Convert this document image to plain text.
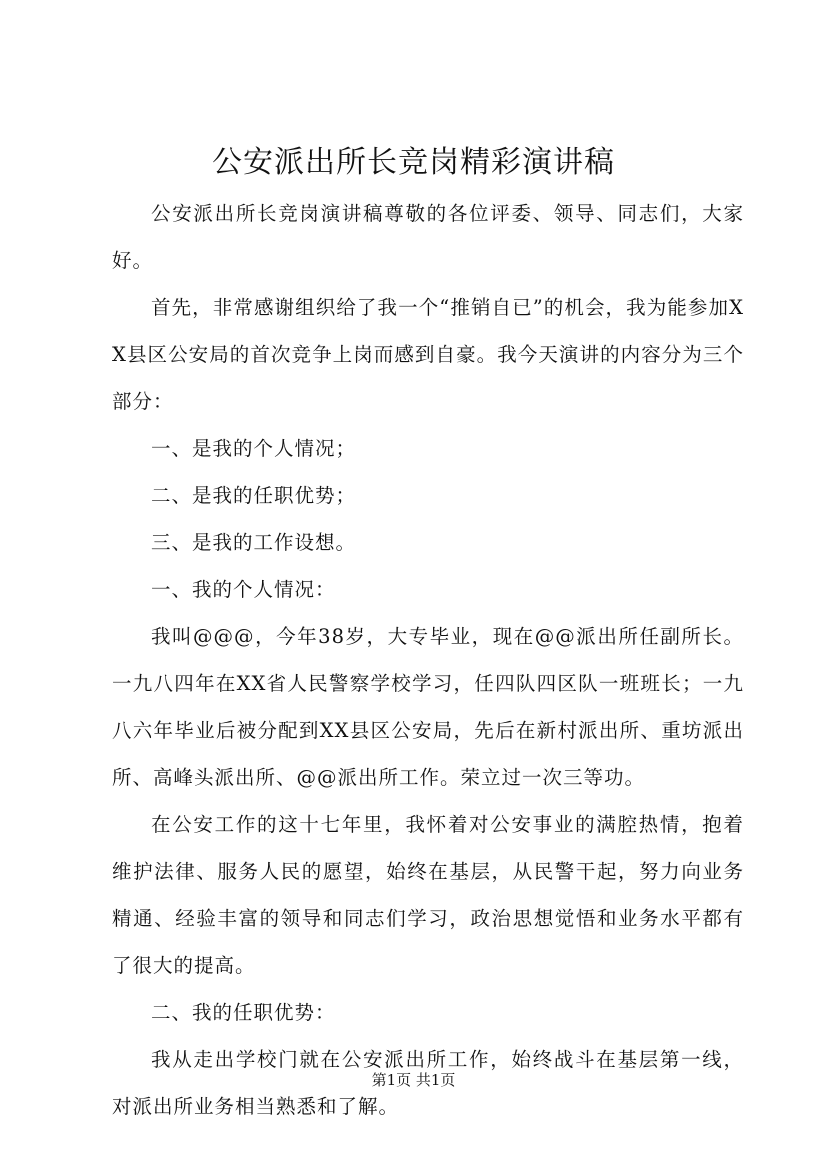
公安派出所长竞岗精彩演讲稿

公安派出所长竞岗演讲稿尊敬的各位评委、领导、同志们，大家好。

首先，非常感谢组织给了我一个“推销自已”的机会，我为能参加XX县区公安局的首次竞争上岗而感到自豪。我今天演讲的内容分为三个部分：

一、是我的个人情况；

二、是我的任职优势；

三、是我的工作设想。

一、我的个人情况：

我叫@@@，今年38岁，大专毕业，现在@@派出所任副所长。一九八四年在XX省人民警察学校学习，任四队四区队一班班长；一九八六年毕业后被分配到XX县区公安局，先后在新村派出所、重坊派出所、高峰头派出所、@@派出所工作。荣立过一次三等功。

在公安工作的这十七年里，我怀着对公安事业的满腔热情，抱着维护法律、服务人民的愿望，始终在基层，从民警干起，努力向业务精通、经验丰富的领导和同志们学习，政治思想觉悟和业务水平都有了很大的提高。

二、我的任职优势：

我从走出学校门就在公安派出所工作，始终战斗在基层第一线，对派出所业务相当熟悉和了解。

第1页 共1页
